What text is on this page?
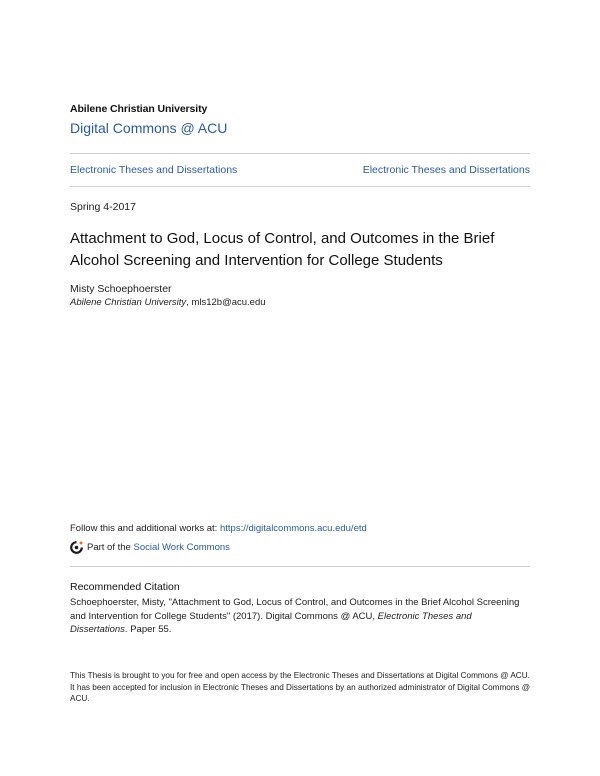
Abilene Christian University
Digital Commons @ ACU
Electronic Theses and Dissertations	Electronic Theses and Dissertations
Spring 4-2017
Attachment to God, Locus of Control, and Outcomes in the Brief Alcohol Screening and Intervention for College Students
Misty Schoephoerster
Abilene Christian University, mls12b@acu.edu
Follow this and additional works at: https://digitalcommons.acu.edu/etd
Part of the
Social Work Commons
Recommended Citation
Schoephoerster, Misty, "Attachment to God, Locus of Control, and Outcomes in the Brief Alcohol Screening and Intervention for College Students" (2017). Digital Commons @ ACU, Electronic Theses and Dissertations. Paper 55.
This Thesis is brought to you for free and open access by the Electronic Theses and Dissertations at Digital Commons @ ACU. It has been accepted for inclusion in Electronic Theses and Dissertations by an authorized administrator of Digital Commons @ ACU.
